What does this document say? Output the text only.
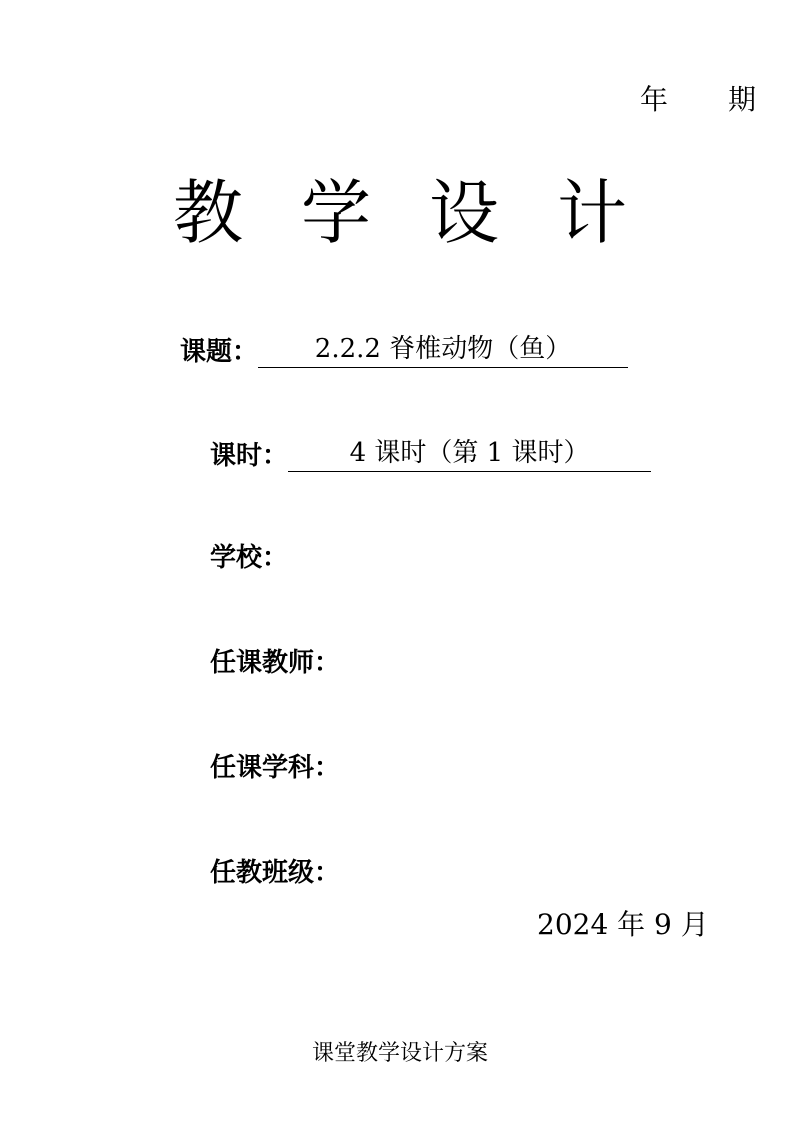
年 期
教学设计
课题：	2.2.2 脊椎动物（鱼）
课时：	4 课时（第 1 课时）
学校：
任课教师：
任课学科：
任教班级：
2024 年 9 月
课堂教学设计方案
